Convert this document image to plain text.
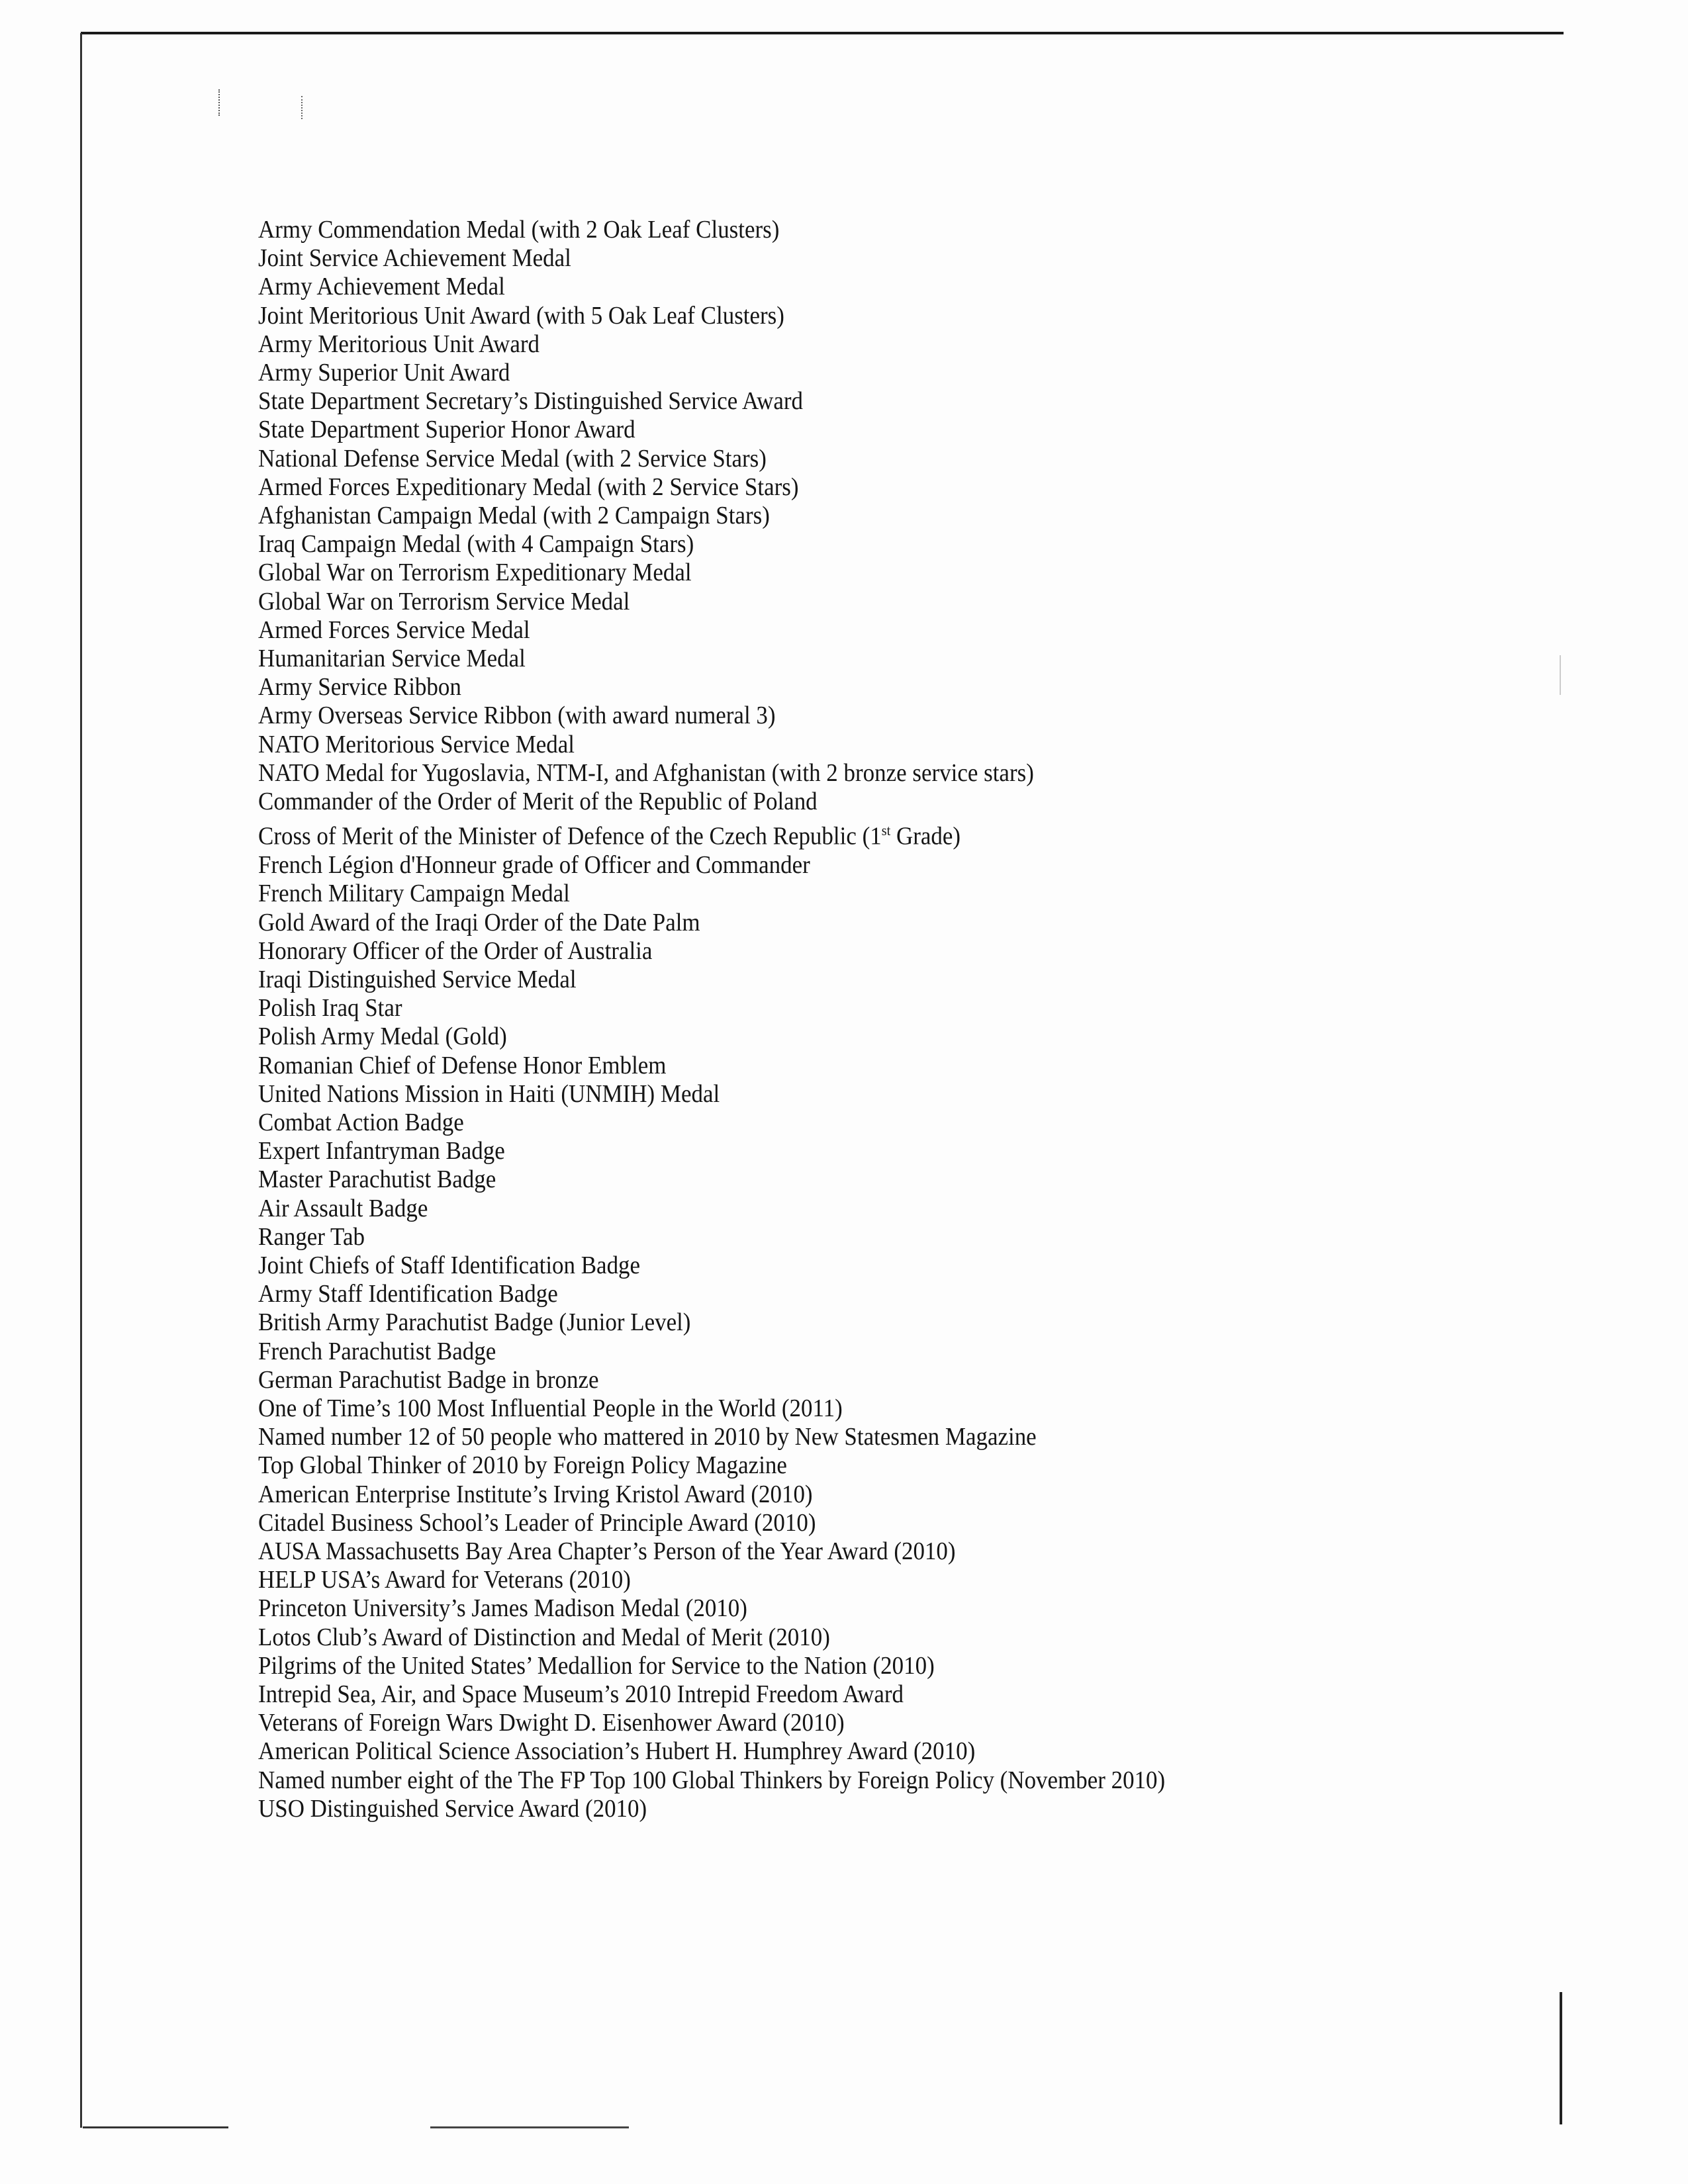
Army Commendation Medal (with 2 Oak Leaf Clusters)
Joint Service Achievement Medal
Army Achievement Medal
Joint Meritorious Unit Award (with 5 Oak Leaf Clusters)
Army Meritorious Unit Award
Army Superior Unit Award
State Department Secretary’s Distinguished Service Award
State Department Superior Honor Award
National Defense Service Medal (with 2 Service Stars)
Armed Forces Expeditionary Medal (with 2 Service Stars)
Afghanistan Campaign Medal (with 2 Campaign Stars)
Iraq Campaign Medal (with 4 Campaign Stars)
Global War on Terrorism Expeditionary Medal
Global War on Terrorism Service Medal
Armed Forces Service Medal
Humanitarian Service Medal
Army Service Ribbon
Army Overseas Service Ribbon (with award numeral 3)
NATO Meritorious Service Medal
NATO Medal for Yugoslavia, NTM-I, and Afghanistan (with 2 bronze service stars)
Commander of the Order of Merit of the Republic of Poland
Cross of Merit of the Minister of Defence of the Czech Republic (1st Grade)
French Légion d'Honneur grade of Officer and Commander
French Military Campaign Medal
Gold Award of the Iraqi Order of the Date Palm
Honorary Officer of the Order of Australia
Iraqi Distinguished Service Medal
Polish Iraq Star
Polish Army Medal (Gold)
Romanian Chief of Defense Honor Emblem
United Nations Mission in Haiti (UNMIH) Medal
Combat Action Badge
Expert Infantryman Badge
Master Parachutist Badge
Air Assault Badge
Ranger Tab
Joint Chiefs of Staff Identification Badge
Army Staff Identification Badge
British Army Parachutist Badge (Junior Level)
French Parachutist Badge
German Parachutist Badge in bronze
One of Time’s 100 Most Influential People in the World (2011)
Named number 12 of 50 people who mattered in 2010 by New Statesmen Magazine
Top Global Thinker of 2010 by Foreign Policy Magazine
American Enterprise Institute’s Irving Kristol Award (2010)
Citadel Business School’s Leader of Principle Award (2010)
AUSA Massachusetts Bay Area Chapter’s Person of the Year Award (2010)
HELP USA’s Award for Veterans (2010)
Princeton University’s James Madison Medal (2010)
Lotos Club’s Award of Distinction and Medal of Merit (2010)
Pilgrims of the United States’ Medallion for Service to the Nation (2010)
Intrepid Sea, Air, and Space Museum’s 2010 Intrepid Freedom Award
Veterans of Foreign Wars Dwight D. Eisenhower Award (2010)
American Political Science Association’s Hubert H. Humphrey Award (2010)
Named number eight of the The FP Top 100 Global Thinkers by Foreign Policy (November 2010)
USO Distinguished Service Award (2010)
